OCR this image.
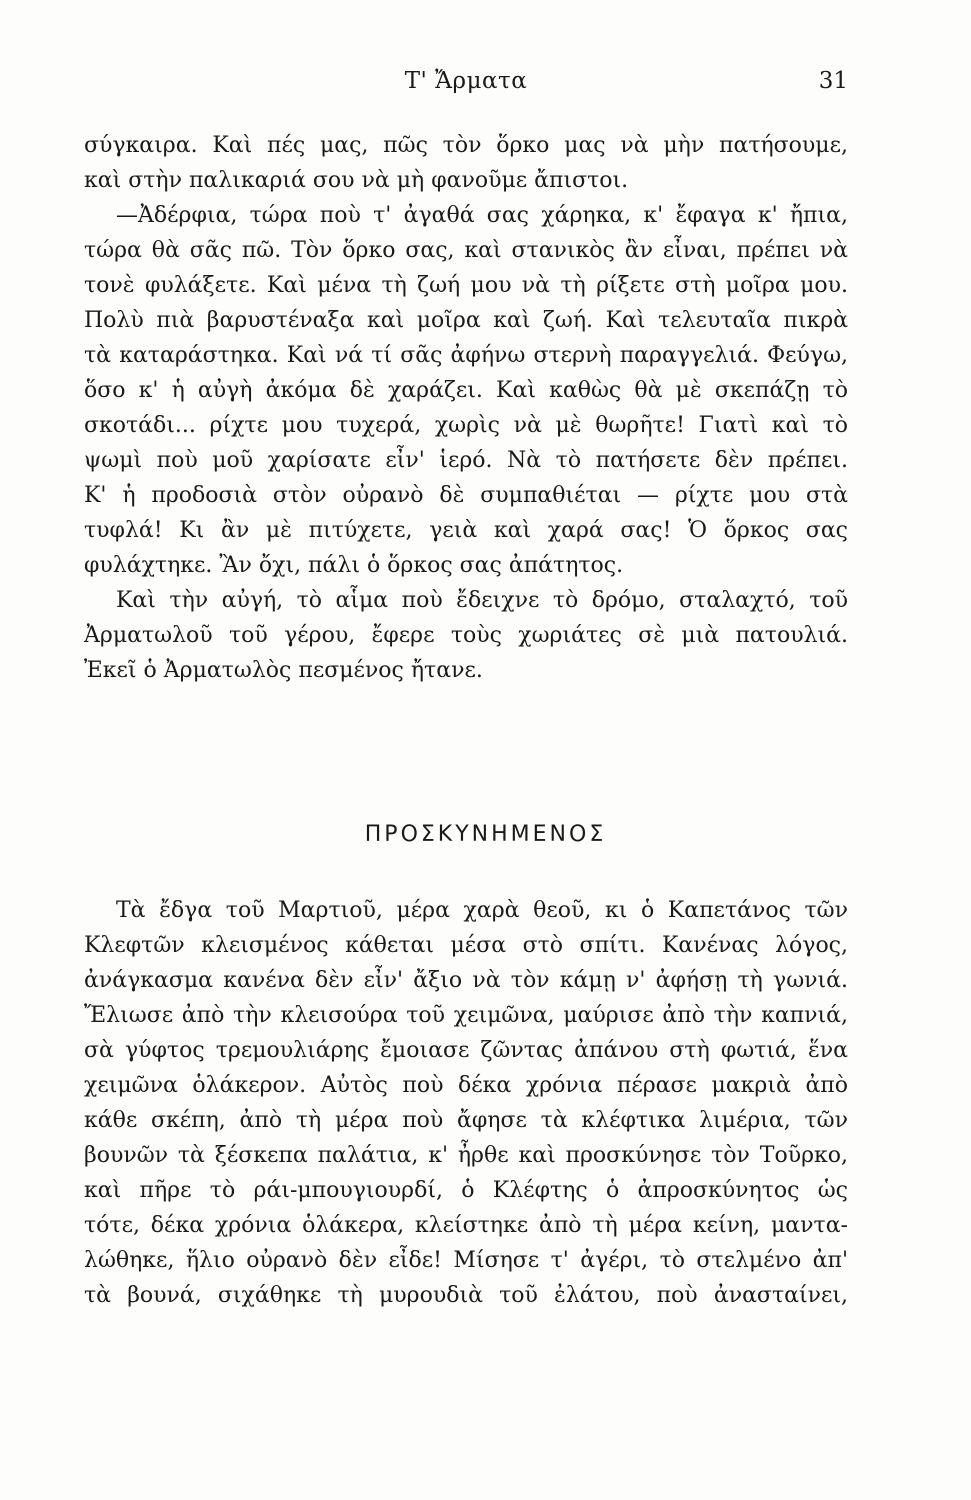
Τ' Ἄρματα	31
σύγκαιρα. Καὶ πές μας, πῶς τὸν ὅρκο μας νὰ μὴν πατήσουμε,
καὶ στὴν παλικαριά σου νὰ μὴ φανοῦμε ἄπιστοι.
—Ἀδέρφια, τώρα ποὺ τ' ἀγαθά σας χάρηκα, κ' ἔφαγα κ' ἤπια,
τώρα θὰ σᾶς πῶ. Τὸν ὅρκο σας, καὶ στανικὸς ἂν εἶναι, πρέπει νὰ
τονὲ φυλάξετε. Καὶ μένα τὴ ζωή μου νὰ τὴ ρίξετε στὴ μοῖρα μου.
Πολὺ πιὰ βαρυστέναξα καὶ μοῖρα καὶ ζωή. Καὶ τελευταῖα πικρὰ
τὰ καταράστηκα. Καὶ νά τί σᾶς ἀφήνω στερνὴ παραγγελιά. Φεύγω,
ὅσο κ' ἡ αὐγὴ ἀκόμα δὲ χαράζει. Καὶ καθὼς θὰ μὲ σκεπάζῃ τὸ
σκοτάδι... ρίχτε μου τυχερά, χωρὶς νὰ μὲ θωρῆτε! Γιατὶ καὶ τὸ
ψωμὶ ποὺ μοῦ χαρίσατε εἶν' ἱερό. Νὰ τὸ πατήσετε δὲν πρέπει.
Κ' ἡ προδοσιὰ στὸν οὐρανὸ δὲ συμπαθιέται — ρίχτε μου στὰ
τυφλά! Κι ἂν μὲ πιτύχετε, γειὰ καὶ χαρά σας! Ὁ ὅρκος σας
φυλάχτηκε. Ἂν ὄχι, πάλι ὁ ὅρκος σας ἀπάτητος.
Καὶ τὴν αὐγή, τὸ αἷμα ποὺ ἔδειχνε τὸ δρόμο, σταλαχτό, τοῦ
Ἀρματωλοῦ τοῦ γέρου, ἔφερε τοὺς χωριάτες σὲ μιὰ πατουλιά.
Ἐκεῖ ὁ Ἀρματωλὸς πεσμένος ἤτανε.
ΠΡΟΣΚΥΝΗΜΕΝΟΣ
Τὰ ἔδγα τοῦ Μαρτιοῦ, μέρα χαρὰ θεοῦ, κι ὁ Καπετάνος τῶν
Κλεφτῶν κλεισμένος κάθεται μέσα στὸ σπίτι. Κανένας λόγος,
ἀνάγκασμα κανένα δὲν εἶν' ἄξιο νὰ τὸν κάμῃ ν' ἀφήσῃ τὴ γωνιά.
Ἔλιωσε ἀπὸ τὴν κλεισούρα τοῦ χειμῶνα, μαύρισε ἀπὸ τὴν καπνιά,
σὰ γύφτος τρεμουλιάρης ἔμοιασε ζῶντας ἀπάνου στὴ φωτιά, ἕνα
χειμῶνα ὁλάκερον. Αὐτὸς ποὺ δέκα χρόνια πέρασε μακριὰ ἀπὸ
κάθε σκέπη, ἀπὸ τὴ μέρα ποὺ ἄφησε τὰ κλέφτικα λιμέρια, τῶν
βουνῶν τὰ ξέσκεπα παλάτια, κ' ἦρθε καὶ προσκύνησε τὸν Τοῦρκο,
καὶ πῆρε τὸ ράι-μπουγιουρδί, ὁ Κλέφτης ὁ ἀπροσκύνητος ὡς
τότε, δέκα χρόνια ὁλάκερα, κλείστηκε ἀπὸ τὴ μέρα κείνη, μαντα-
λώθηκε, ἥλιο οὐρανὸ δὲν εἶδε! Μίσησε τ' ἀγέρι, τὸ στελμένο ἀπ'
τὰ βουνά, σιχάθηκε τὴ μυρουδιὰ τοῦ ἐλάτου, ποὺ ἀνασταίνει,
